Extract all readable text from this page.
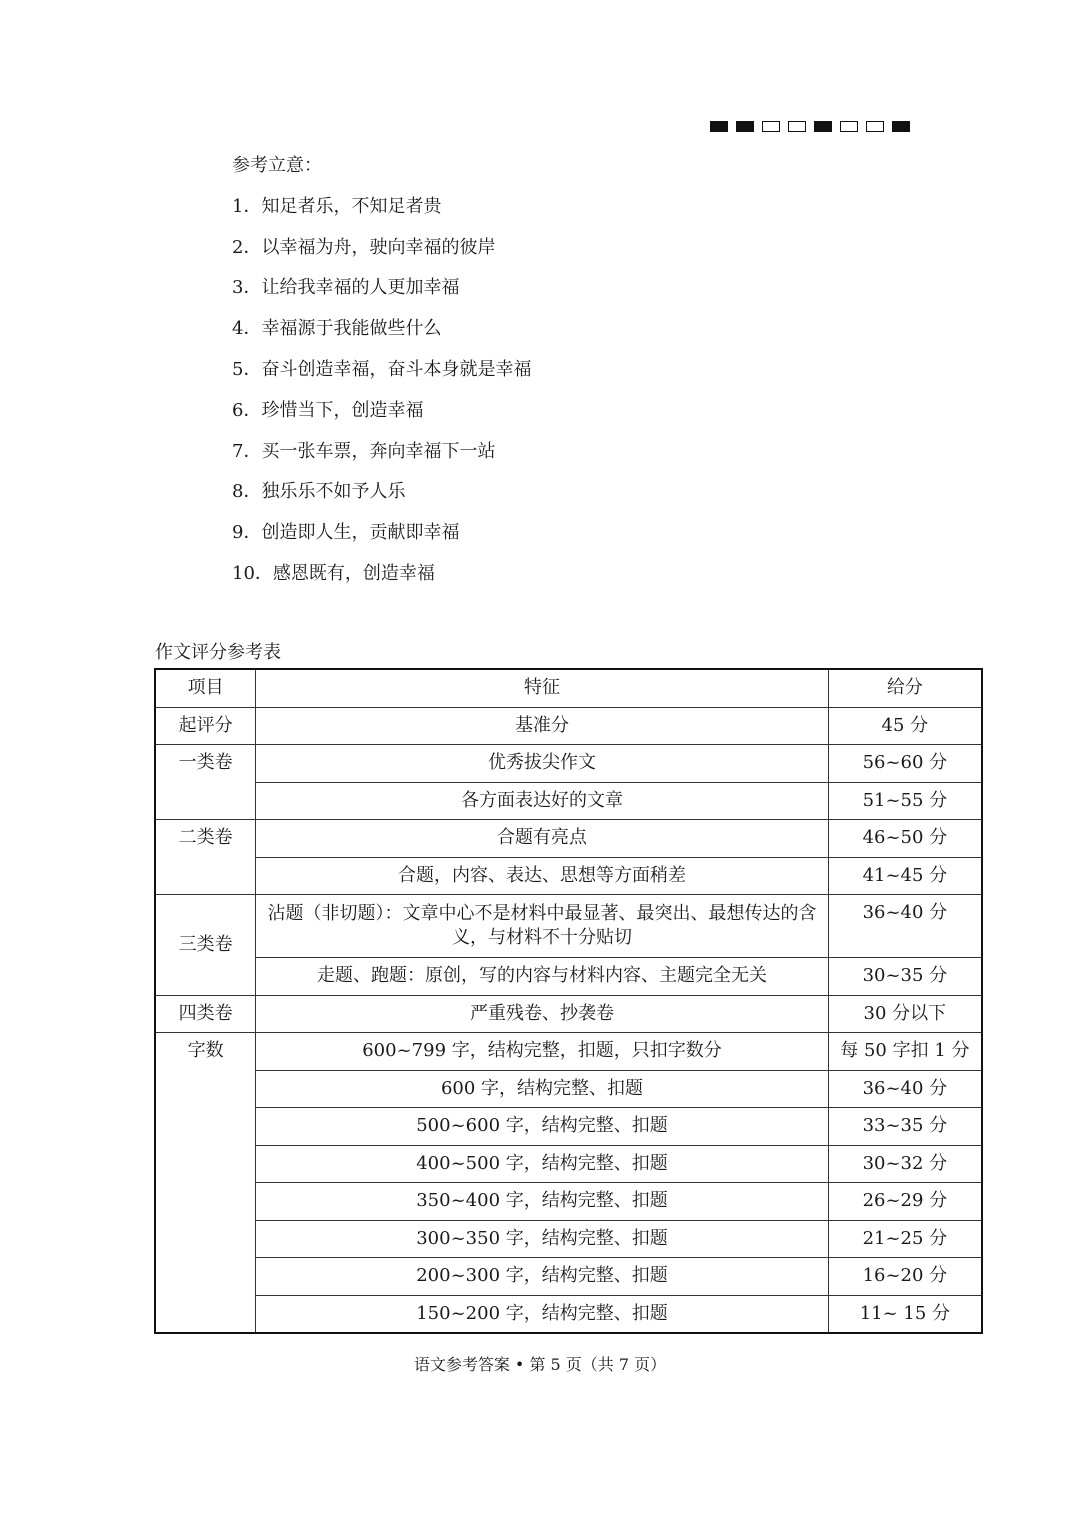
参考立意：
1．知足者乐，不知足者贵
2．以幸福为舟，驶向幸福的彼岸
3．让给我幸福的人更加幸福
4．幸福源于我能做些什么
5．奋斗创造幸福，奋斗本身就是幸福
6．珍惜当下，创造幸福
7．买一张车票，奔向幸福下一站
8．独乐乐不如予人乐
9．创造即人生，贡献即幸福
10．感恩既有，创造幸福
作文评分参考表
项目	特征	给分
起评分	基准分	45 分
一类卷	优秀拔尖作文	56~60 分
	各方面表达好的文章	51~55 分
二类卷	合题有亮点	46~50 分
	合题，内容、表达、思想等方面稍差	41~45 分
三类卷	沾题（非切题）：文章中心不是材料中最显著、最突出、最想传达的含义，与材料不十分贴切	36~40 分
	走题、跑题：原创，写的内容与材料内容、主题完全无关	30~35 分
四类卷	严重残卷、抄袭卷	30 分以下
字数	600~799 字，结构完整，扣题，只扣字数分	每 50 字扣 1 分
	600 字，结构完整、扣题	36~40 分
	500~600 字，结构完整、扣题	33~35 分
	400~500 字，结构完整、扣题	30~32 分
	350~400 字，结构完整、扣题	26~29 分
	300~350 字，结构完整、扣题	21~25 分
	200~300 字，结构完整、扣题	16~20 分
	150~200 字，结构完整、扣题	11~ 15 分
语文参考答案 • 第 5 页（共 7 页）
